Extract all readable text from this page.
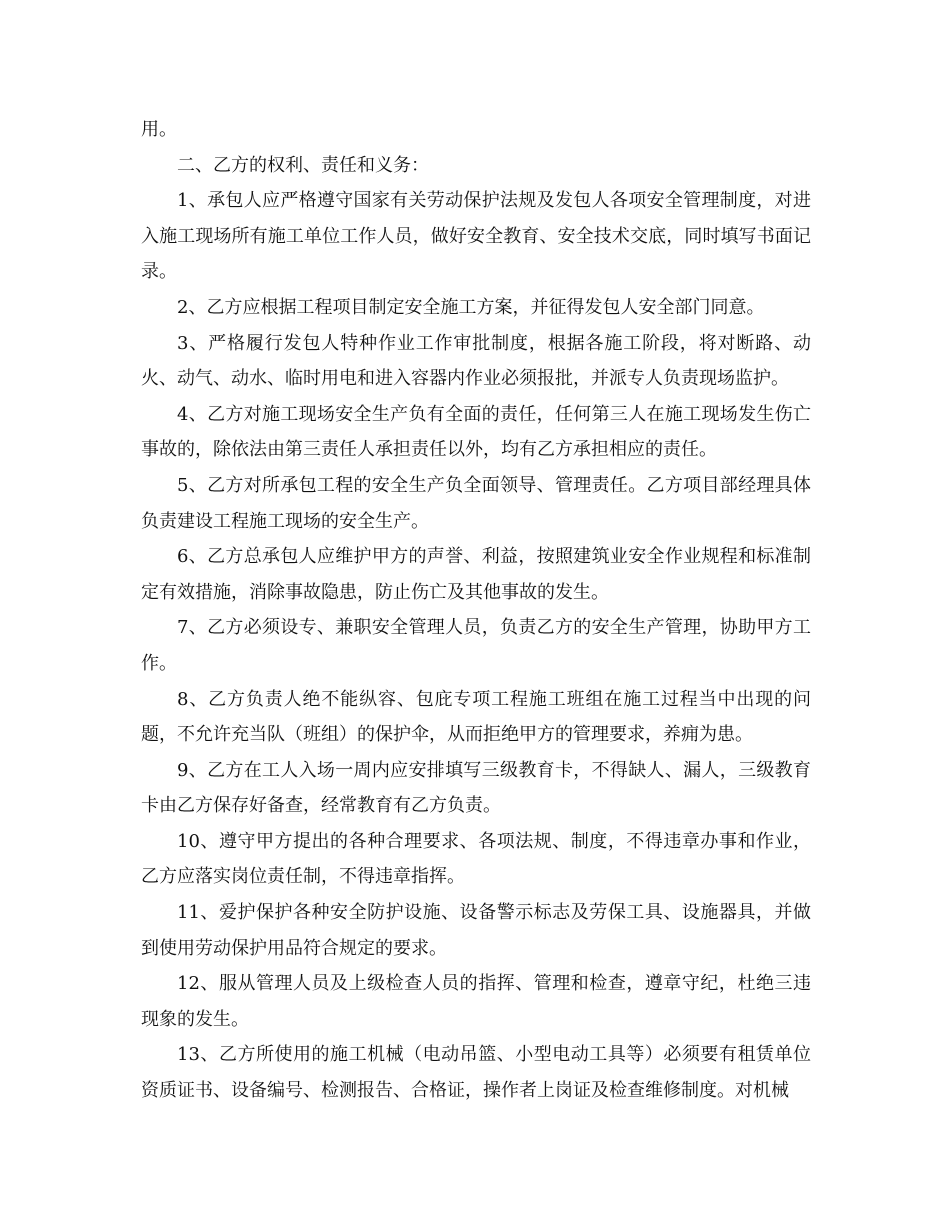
用。

二、乙方的权利、责任和义务：

1、承包人应严格遵守国家有关劳动保护法规及发包人各项安全管理制度，对进入施工现场所有施工单位工作人员，做好安全教育、安全技术交底，同时填写书面记录。

2、乙方应根据工程项目制定安全施工方案，并征得发包人安全部门同意。

3、严格履行发包人特种作业工作审批制度，根据各施工阶段，将对断路、动火、动气、动水、临时用电和进入容器内作业必须报批，并派专人负责现场监护。

4、乙方对施工现场安全生产负有全面的责任，任何第三人在施工现场发生伤亡事故的，除依法由第三责任人承担责任以外，均有乙方承担相应的责任。

5、乙方对所承包工程的安全生产负全面领导、管理责任。乙方项目部经理具体负责建设工程施工现场的安全生产。

6、乙方总承包人应维护甲方的声誉、利益，按照建筑业安全作业规程和标准制定有效措施，消除事故隐患，防止伤亡及其他事故的发生。

7、乙方必须设专、兼职安全管理人员，负责乙方的安全生产管理，协助甲方工作。

8、乙方负责人绝不能纵容、包庇专项工程施工班组在施工过程当中出现的问题，不允许充当队（班组）的保护伞，从而拒绝甲方的管理要求，养痈为患。

9、乙方在工人入场一周内应安排填写三级教育卡，不得缺人、漏人，三级教育卡由乙方保存好备查，经常教育有乙方负责。

10、遵守甲方提出的各种合理要求、各项法规、制度，不得违章办事和作业，乙方应落实岗位责任制，不得违章指挥。

11、爱护保护各种安全防护设施、设备警示标志及劳保工具、设施器具，并做到使用劳动保护用品符合规定的要求。

12、服从管理人员及上级检查人员的指挥、管理和检查，遵章守纪，杜绝三违现象的发生。

13、乙方所使用的施工机械（电动吊篮、小型电动工具等）必须要有租赁单位资质证书、设备编号、检测报告、合格证，操作者上岗证及检查维修制度。对机械
